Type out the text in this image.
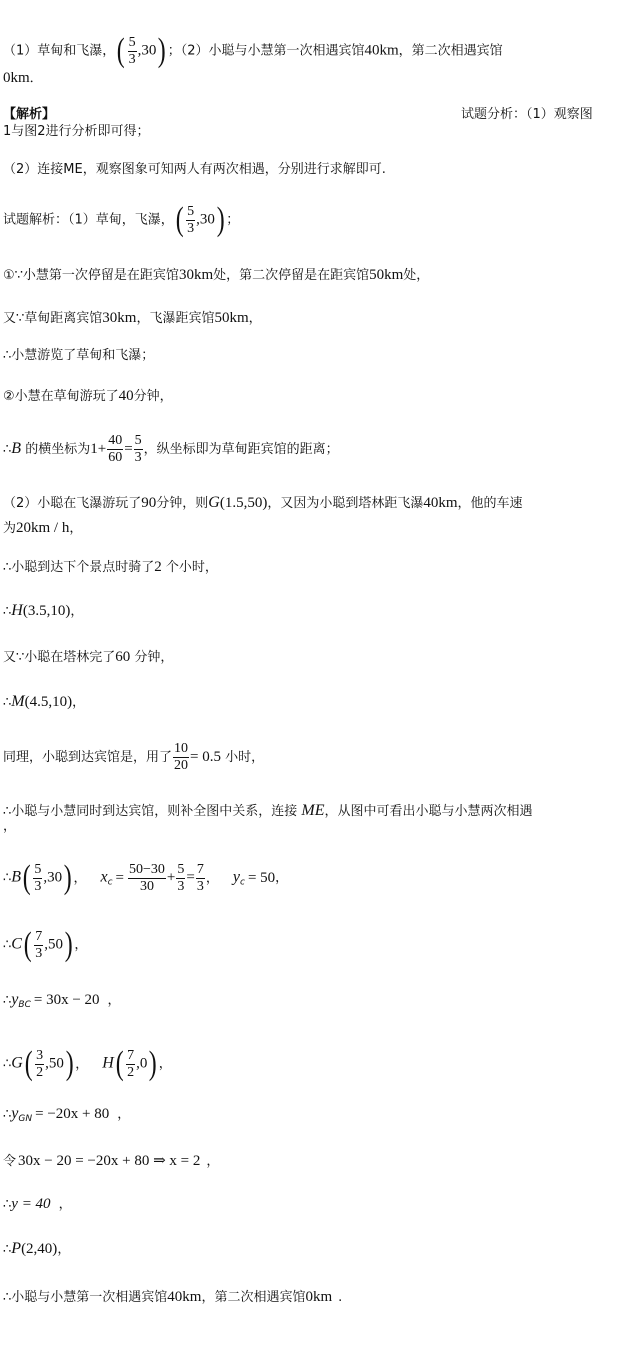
（1）草甸和飞瀑，( $\frac{5}{3} ,30$) ；（2）小聪与小慧第一次相遇宾馆40km，第二次相遇宾馆
0km．
【解析】	试题分析：（1）观察图
1与图2进行分析即可得；
（2）连接ME，观察图象可知两人有两次相遇，分别进行求解即可.
试题解析：（1）草甸，飞瀑，( $\frac{5}{3} ,30$) ；
①∵小慧第一次停留是在距宾馆30km处，第二次停留是在距宾馆50km处，
又∵草甸距离宾馆30km，飞瀑距宾馆50km，
∴小慧游览了草甸和飞瀑；
②小慧在草甸游玩了40分钟，
∴B 的横坐标为$1+ \frac{40}{60} = \frac{5}{3}$ ，纵坐标即为草甸距宾馆的距离；
（2）小聪在飞瀑游玩了90分钟，则G(1.5,50)，又因为小聪到塔林距飞瀑40km，他的车速
为20km / h，
∴小聪到达下个景点时骑了2 个小时，
∴H(3.5,10)，
又∵小聪在塔林完了60 分钟，
∴M(4.5,10)，
同理，小聪到达宾馆是，用了 $\frac{10}{20} = 0.5$ 小时，
∴小聪与小慧同时到达宾馆，则补全图中关系，连接 ME，从图中可看出小聪与小慧两次相遇
，
∴B( $\frac{5}{3} ,30$) ， $x_c = \frac{50-30}{30} + \frac{5}{3} = \frac{7}{3}$ ， $y_c = 50$，
∴C( $\frac{7}{3} ,50$) ，
$\therefore y_{BC} = 30x - 20$ ，
∴G( $\frac{3}{2} ,50$) ， $H( \frac{7}{2} ,0)$ ，
$\therefore y_{GN} = -20x + 80$ ，
令 30x − 20 = −20x + 80 ⇒ x = 2 ，
∴y = 40 ，
∴P(2,40)，
∴小聪与小慧第一次相遇宾馆40km，第二次相遇宾馆0km .
